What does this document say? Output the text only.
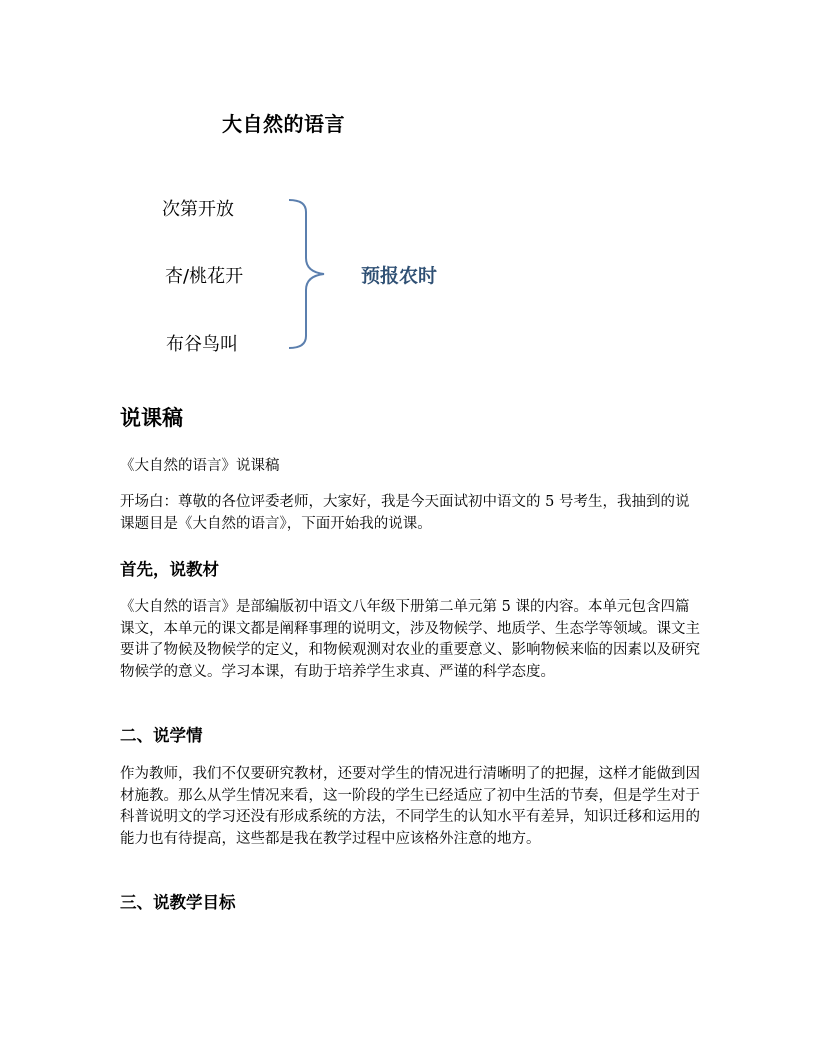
大自然的语言
次第开放
杏/桃花开
布谷鸟叫
预报农时
说课稿

《大自然的语言》说课稿

开场白：尊敬的各位评委老师，大家好，我是今天面试初中语文的 5 号考生，我抽到的说课题目是《大自然的语言》，下面开始我的说课。

首先，说教材

《大自然的语言》是部编版初中语文八年级下册第二单元第 5 课的内容。本单元包含四篇课文，本单元的课文都是阐释事理的说明文，涉及物候学、地质学、生态学等领域。课文主要讲了物候及物候学的定义，和物候观测对农业的重要意义、影响物候来临的因素以及研究物候学的意义。学习本课，有助于培养学生求真、严谨的科学态度。

二、说学情

作为教师，我们不仅要研究教材，还要对学生的情况进行清晰明了的把握，这样才能做到因材施教。那么从学生情况来看，这一阶段的学生已经适应了初中生活的节奏，但是学生对于科普说明文的学习还没有形成系统的方法，不同学生的认知水平有差异，知识迁移和运用的能力也有待提高，这些都是我在教学过程中应该格外注意的地方。

三、说教学目标
